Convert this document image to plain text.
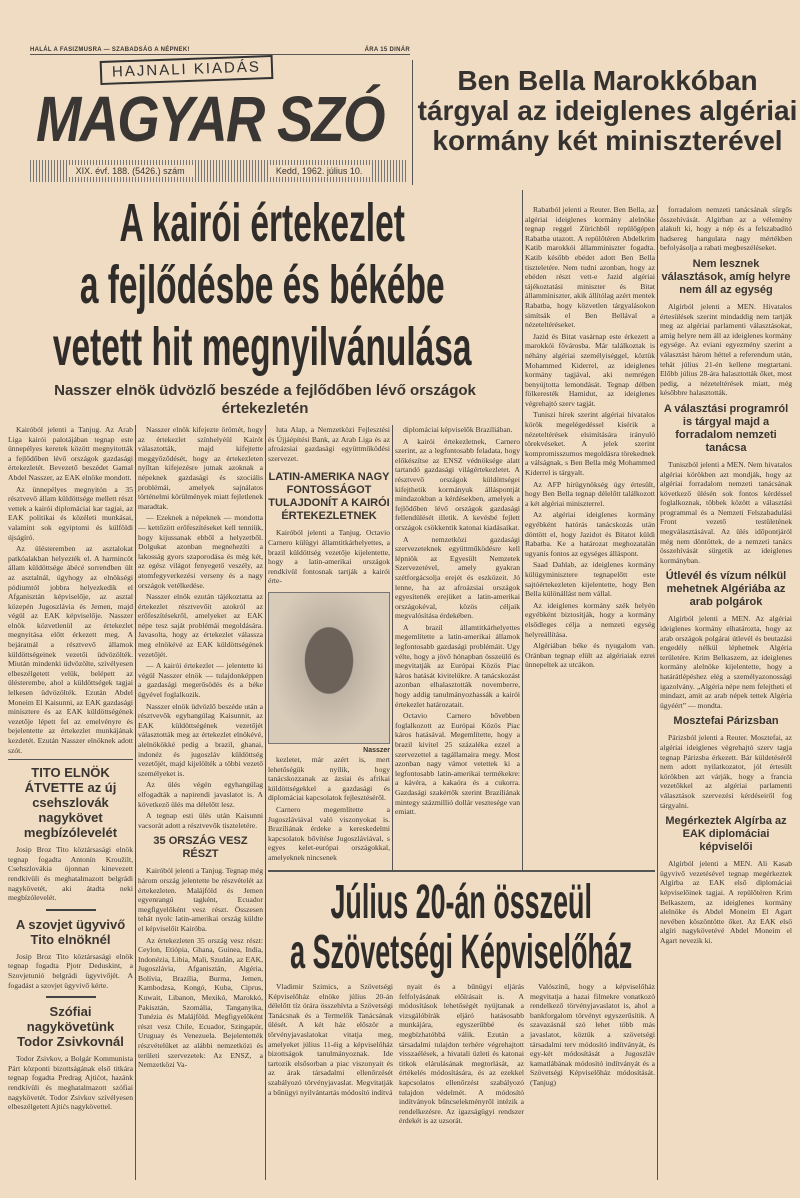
HALÁL A FASIZMUSRA — SZABADSÁG A NÉPNEK!	ÁRA 15 DINÁR
HAJNALI KIADÁS
MAGYAR SZÓ
XIX. évf. 188. (5426.) szám	Kedd, 1962. július 10.
Ben Bella Marokkóban tárgyal az ideiglenes algériai kormány két miniszterével
A kairói értekezlet
a fejlődésbe és békébe
vetett hit megnyilvánulása
Nasszer elnök üdvözlő beszéde a fejlődőben lévő országok értekezletén

Kairóból jelenti a Tanjug. Az Arab Liga kairói palotájában tegnap este ünnepélyes keretek között megnyitották a fejlődőben lévő országok gazdasági értekezletét. Bevezető beszédet Gamal Abdel Nasszer, az EAK elnöke mondott.

Az ünnepélyes megnyitón a 35 résztvevő állam küldöttsége mellett részt vettek a kairói diplomáciai kar tagjai, az EAK politikai és közéleti munkásai, valamint sok egyiptomi és külföldi újságíró.

Az ülésteremben az asztalokat patkóalakban helyezték el. A harmincöt állam küldöttsége ábécé sorrendben ült az asztalnál, úgyhogy az elnökségi pódiumtól jobbra helyezkedik el Afganisztán képviselője, az asztal közepén Jugoszlávia és Jemen, majd végül az EAK képviselője. Nasszer elnök közvetlenül az értekezlet megnyitása előtt érkezett meg. A bejáratnál a résztvevő államok küldöttségeinek vezetői üdvözölték. Miután mindenki üdvözölte, szívélyesen elbeszélgetett velük, belépett az ülésterembe, ahol a küldöttségek tagjai lelkesen üdvözölték. Ezután Abdel Moneim El Kaisunni, az EAK gazdasági minisztere és az EAK küldöttségének vezetője lépett fel az emelvényre és bejelentette az értekezlet munkájának kezdetét. Ezután Nasszer elnöknek adott szót.

TITO ELNÖK ÁTVETTE az új csehszlovák nagykövet megbízólevelét

Josip Broz Tito köztársasági elnök tegnap fogadta Antonín Kroužilt, Csehszlovákia újonnan kinevezett rendkívüli és meghatalmazott belgrádi nagykövetét, aki átadta neki megbízólevelét.

A szovjet ügyvivő Tito elnöknél

Josip Broz Tito köztársasági elnök tegnap fogadta Pjotr Deduskint, a Szovjetunió belgrádi ügyvivőjét. A fogadást a szovjet ügyvivő kérte.

Szófiai nagykövetünk Todor Zsivkovnál

Todor Zsivkov, a Bolgár Kommunista Párt központi bizottságának első titkára tegnap fogadta Predrag Ajtićot, hazánk rendkívüli és meghatalmazott szófiai nagykövetét. Todor Zsivkov szívélyesen elbeszélgetett Ajtićs nagykövettel.

Nasszer elnök kifejezte örömét, hogy az értekezlet színhelyéül Kairót választották, majd kifejtette meggyőződését, hogy az értekezleten nyíltan kifejezésre jutnak azoknak a népeknek gazdasági és szociális problémái, amelyek sajnálatos történelmi körülmények miatt fejletlenek maradtak.

— Ezeknek a népeknek — mondotta — kettőzött erőfeszítéseket kell tenniük, hogy kijussanak ebből a helyzetből. Dolgukat azonban megnehezíti a lakosság gyors szaporodása és még két, az egész világot fenyegető veszély, az atomfegyverkezési verseny és a nagy országok vetélkedése.

Nasszer elnök ezután tájékoztatta az értekezlet résztvevőit azokról az erőfeszítésekről, amelyeket az EAK népe tesz saját problémái megoldására. Javasolta, hogy az értekezlet válassza meg elnökévé az EAK küldöttségének vezetőjét.

— A kairói értekezlet — jelentette ki végül Nasszer elnök — tulajdonképpen a gazdasági megerősödés és a béke ügyével foglalkozik.

Nasszer elnök üdvözlő beszéde után a résztvevők egyhangúlag Kaisunnit, az EAK küldöttségének vezetőjét választották meg az értekezlet elnökévé, alelnökökké pedig a brazil, ghanai, indonéz és jugoszláv küldöttség vezetőjét, majd kijelölték a többi vezető személyeket is.

Az ülés végén egyhangúlag elfogadták a napirendi javaslatot is. A következő ülés ma délelőtt lesz.

A tegnap esti ülés után Kaisunni vacsorát adott a résztvevők tiszteletére.

35 ORSZÁG VESZ RÉSZT

Kairóból jelenti a Tanjug. Tegnap még három ország jelentette be részvételét az értekezleten. Malájföld és Jemen egyenrangú tagként, Ecuador megfigyelőként vesz részt. Összesen tehát nyolc latin-amerikai ország küldte el képviselőit Kairóba.

Az értekezleten 35 ország vesz részt: Ceylon, Etiópia, Ghana, Guinea, India, Indonézia, Libia, Mali, Szudán, az EAK, Jugoszlávia, Afganisztán, Algéria, Bolívia, Brazília, Burma, Jemen, Kambodzsa, Kongó, Kuba, Ciprus, Kuwait, Libanon, Mexikó, Marokkó, Pakisztán, Szomália, Tanganyika, Tunézia és Malájföld. Megfigyelőként részt vesz Chile, Ecuador, Szingapúr, Uruguay és Venezuela. Bejelentették részvételüket az alábbi nemzetközi és területi szervezetek: Az ENSZ, a Nemzetközi Va-

luta Alap, a Nemzetközi Fejlesztési és Újjáépítési Bank, az Arab Liga és az afroázsiai gazdasági együttműködési szervezet.

LATIN-AMERIKA NAGY FONTOSSÁGOT TULAJDONÍT A KAIRÓI ÉRTEKEZLETNEK

Kairóból jelenti a Tanjug. Octavio Carnero külügyi államtitkárhelyettes, a brazil küldöttség vezetője kijelentette, hogy a latin-amerikai országok rendkívül fontosnak tartják a kairói érte-

Nasszer

kezletet, már azért is, mert lehetőségük nyílik, hogy tanácskozzanak az ázsiai és afrikai küldöttségekkel a gazdasági és diplomáciai kapcsolatok fejlesztéséről.

Carnero megemlítette a Jugoszláviával való viszonyokat is. Brazíliának érdeke a kereskedelmi kapcsolatok bővítése Jugoszláviával, s egyes kelet-európai országokkal, amelyeknek nincsenek

diplomáciai képviselők Brazíliában.

A kairói értekezletnek, Carnero szerint, az a legfontosabb feladata, hogy előkészítse az ENSZ védnöksége alatt tartandó gazdasági világértekezletet. A résztvevő országok küldöttségei kifejthetik kormányuk álláspontját mindazokban a kérdésekben, amelyek a fejlődőben lévő országok gazdasági fellendülését illetik. A kevésbé fejlett országok csökkentik katonai kiadásaikat.

A nemzetközi gazdasági szervezeteknek együttműködésre kell lépniök az Egyesült Nemzetek Szervezetével, amely gyakran szétforgácsolja erejét és eszközeit. Jó lenne, ha az afroázsiai országok egyesítenék erejüket a latin-amerikai országokéval, közös céljaik megvalósítása érdekében.

A brazil államtitkárhelyettes megemlítette a latin-amerikai államok legfontosabb gazdasági problémáit. Ugy vélte, hogy a jövő hónapban összeülő és megvitatják az Európai Közös Piac káros hatását kivitelükre. A tanácskozást azonban elhalasztották novemberre, hogy addig tanulmányozhassák a kairói értekezlet határozatait.

Octavio Carnero bővebben foglalkozott az Európai Közös Piac káros hatásával. Megemlítette, hogy a brazil kivitel 25 százaléka ezzel a szervezettel a tagállamaira megy. Most azonban nagy vámot vetettek ki a legfontosabb latin-amerikai termékekre: a kávéra, a kakaóra és a cukorra. Gazdasági szakértők szerint Brazíliának mintegy százmillió dollár vesztesége van emiatt.

Rabatból jelenti a Reuter. Ben Bella, az algériai ideiglenes kormány alelnöke tegnap reggel Zürichből repülőgépen Rabatba utazott. A repülőtéren Abdelkrim Katib marokkói államminiszter fogadta. Katib később ebédet adott Ben Bella tiszteletére. Nem tudni azonban, hogy az ebéden részt vett-e Jazid algériai tájékoztatási miniszter és Bitat államminiszter, akik állítólag azért mentek Rabatba, hogy közvetlen tárgyalásokon simítsák el Ben Bellával a nézeteltéréseket.

Jazid és Bitat vasárnap este érkezett a marokkói fővárosba. Már találkoztak is néhány algériai személyiséggel, köztük Mohammed Kiderrel, az ideiglenes kormány tagjával, aki nemrégen benyújtotta lemondását. Tegnap délben fölkeresték Hamidut, az ideiglenes végrehajtó szerv tagját.

Tuniszi hírek szerint algériai hivatalos körök megelégedéssel kísérik a nézeteltérések elsimítására irányuló törekvéseket. A jelek szerint kompromisszumos megoldásra törekednek a válságnak, s Ben Bella még Mohammed Kiderrel is tárgyalt.

Az AFP hírügynökség úgy értesült, hogy Ben Bella tegnap délelőtt találkozott a két algériai miniszterrel.

Az algériai ideiglenes kormány egyébként hatórás tanácskozás után döntött el, hogy Jazidot és Bitatot küldi Rabatba. Ke a határozat meghozatalán ugyanis fontos az egységes álláspont.

Saad Dahlab, az ideiglenes kormány külügyminisztere tegnapelőtt este sajtóértekezleten kijelentette, hogy Ben Bella különállást nem vállal.

Az ideiglenes kormány szék helyén egyébként biztosítják, hogy a kormány elsődleges célja a nemzeti egység helyreállítása.

Algériában béke és nyugalom van. Oránban tegnap elült az algériaiak ezrei ünnepeltek az utcákon.

forradalom nemzeti tanácsának sürgős összehívását. Algírban az a vélemény alakult ki, hogy a nép és a felszabadító hadsereg hangulata nagy mértékben befolyásolja a rabati megbeszéléseket.

Nem lesznek választások, amíg helyre nem áll az egység

Algírból jelenti a MEN. Hivatalos értesülések szerint mindaddig nem tartják meg az algériai parlamenti választásokat, amíg helyre nem áll az ideiglenes kormány egysége. Az eviani egyezmény szerint a választást három héttel a referendum után, tehát július 21-én kellene megtartani. Előbb július 28-ára halasztották őket, most pedig, a nézeteltérések miatt, még későbbre halasztották.

A választási programról is tárgyal majd a forradalom nemzeti tanácsa

Tuniszból jelenti a MEN. Nem hivatalos algériai körökben azt mondják, hogy az algériai forradalom nemzeti tanácsának következő ülésén sok fontos kérdéssel foglalkoznak, többek között a választási programmal és a Nemzeti Felszabadulási Front vezető testületének megválasztásával. Az ülés időpontjáról még nem döntöttek, de a nemzeti tanács összehívását sürgetik az ideiglenes kormányban.

Útlevél és vízum nélkül mehetnek Algériába az arab polgárok

Algírból jelenti a MEN. Az algériai ideiglenes kormány elhatározta, hogy az arab országok polgárai útlevél és beutazási engedély nélkül léphetnek Algéria területére. Krim Belkaszem, az ideiglenes kormány alelnöke kijelentette, hogy a határátlépéshez elég a személyazonossági igazolvány. „Algéria népe nem felejtheti el mindazt, amit az arab népek tettek Algéria ügyéért” — mondta.

Mosztefai Párizsban

Párizsból jelenti a Reuter. Mosztefai, az algériai ideiglenes végrehajtó szerv tagja tegnap Párizsba érkezett. Bár küldetéséről nem adott nyilatkozatot, jól értesült körökben azt várják, hogy a francia vezetőkkel az algériai parlamenti választások szervezési kérdéseiről fog tárgyalni.

Megérkeztek Algírba az EAK diplomáciai képviselői

Algírból jelenti a MEN. Ali Kasab ügyvivő vezetésével tegnap megérkeztek Algírba az EAK első diplomáciai képviselőinek tagjai. A repülőtéren Krim Belkaszem, az ideiglenes kormány alelnöke és Abdel Moneim El Agart nevében köszöntötte őket. Az EAK első algíri nagykövetévé Abdel Moneim el Agart nevezik ki.

Július 20-án összeül
a Szövetségi Képviselőház

Vladimir Szimics, a Szövetségi Képviselőház elnöke július 20-án délelőtt tíz órára összehívta a Szövetségi Tanácsnak és a Termelők Tanácsának ülését. A két ház először a törvényjavaslatokat vitatja meg, amelyeket július 11-éig a képviselőház bizottságok tanulmányoznak. Ide tartozik elsősorban a piac viszonyait és az árak társadalmi ellenőrzését szabályozó törvényjavaslat. Megvitatják a bűnügyi nyilvántartás módosító indítvá

nyait és a bűnügyi eljárás felfolyásának előírásait is. A módosítások lehetőségét nyújtanak a vizsgálóbírák eljáró hatásosabb munkájára, egyszerűbbé és megbízhatóbbá válik. Ezután a társadalmi tulajdon terhére végrehajtott visszaélések, a hivatali üzleti és katonai titkok elárulásának megtorlását, az értékelés módosítására, és az ezekkel kapcsolatos ellenőrzést szabályozó tulajdon védelmét. A módosító indítványok bűncselekményről intézik a rendelkezésre. Az igazságügyi rendszer érdekét is az uzsorát.

Valószínű, hogy a képviselőház megvitatja a hazai filmekre vonatkozó rendelkező törvényjavaslatot is, ahol a bankforgalom törvényt egyszerűsítik. A szavazásnál szó lehet több más javaslatot, köztük a szövetségi társadalmi terv módosító indítványát, és egy-két módosítását a Jugoszláv kamatlábának módosító indítványát és a Szövetségi Képviselőház módosítását. (Tanjug)
